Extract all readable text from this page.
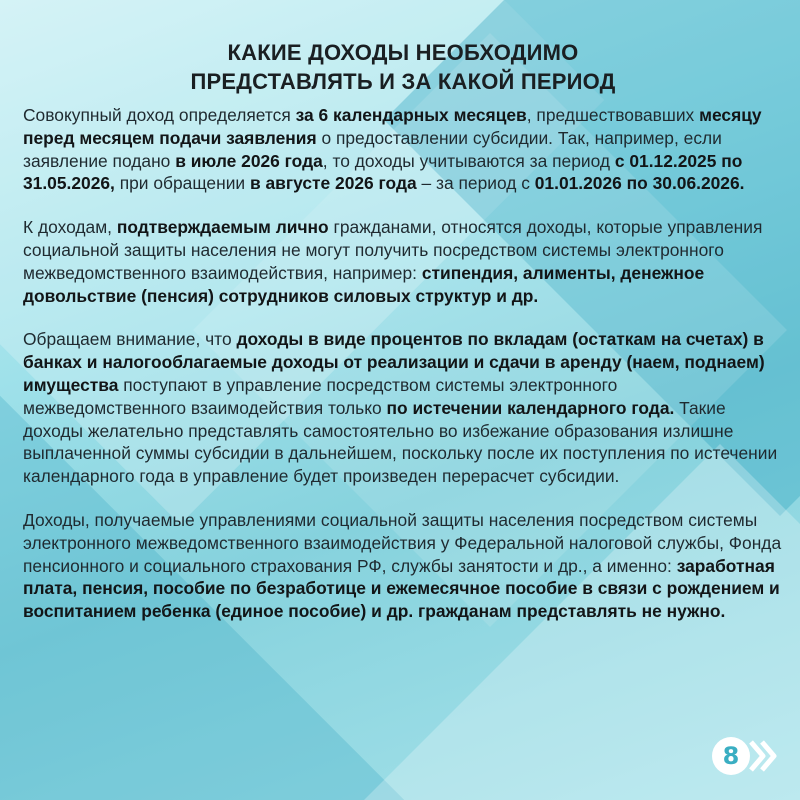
КАКИЕ ДОХОДЫ НЕОБХОДИМО
ПРЕДСТАВЛЯТЬ И ЗА КАКОЙ ПЕРИОД

Совокупный доход определяется за 6 календарных месяцев, предшествовавших месяцу перед месяцем подачи заявления о предоставлении субсидии. Так, например, если заявление подано в июле 2026 года, то доходы учитываются за период с 01.12.2025 по 31.05.2026, при обращении в августе 2026 года – за период с 01.01.2026 по 30.06.2026.

К доходам, подтверждаемым лично гражданами, относятся доходы, которые управления социальной защиты населения не могут получить посредством системы электронного межведомственного взаимодействия, например: стипендия, алименты, денежное довольствие (пенсия) сотрудников силовых структур и др.

Обращаем внимание, что доходы в виде процентов по вкладам (остаткам на счетах) в банках и налогооблагаемые доходы от реализации и сдачи в аренду (наем, поднаем) имущества поступают в управление посредством системы электронного межведомственного взаимодействия только по истечении календарного года. Такие доходы желательно представлять самостоятельно во избежание образования излишне выплаченной суммы субсидии в дальнейшем, поскольку после их поступления по истечении календарного года в управление будет произведен перерасчет субсидии.

Доходы, получаемые управлениями социальной защиты населения посредством системы электронного межведомственного взаимодействия у Федеральной налоговой службы, Фонда пенсионного и социального страхования РФ, службы занятости и др., а именно: заработная плата, пенсия, пособие по безработице и ежемесячное пособие в связи с рождением и воспитанием ребенка (единое пособие) и др. гражданам представлять не нужно.

8
